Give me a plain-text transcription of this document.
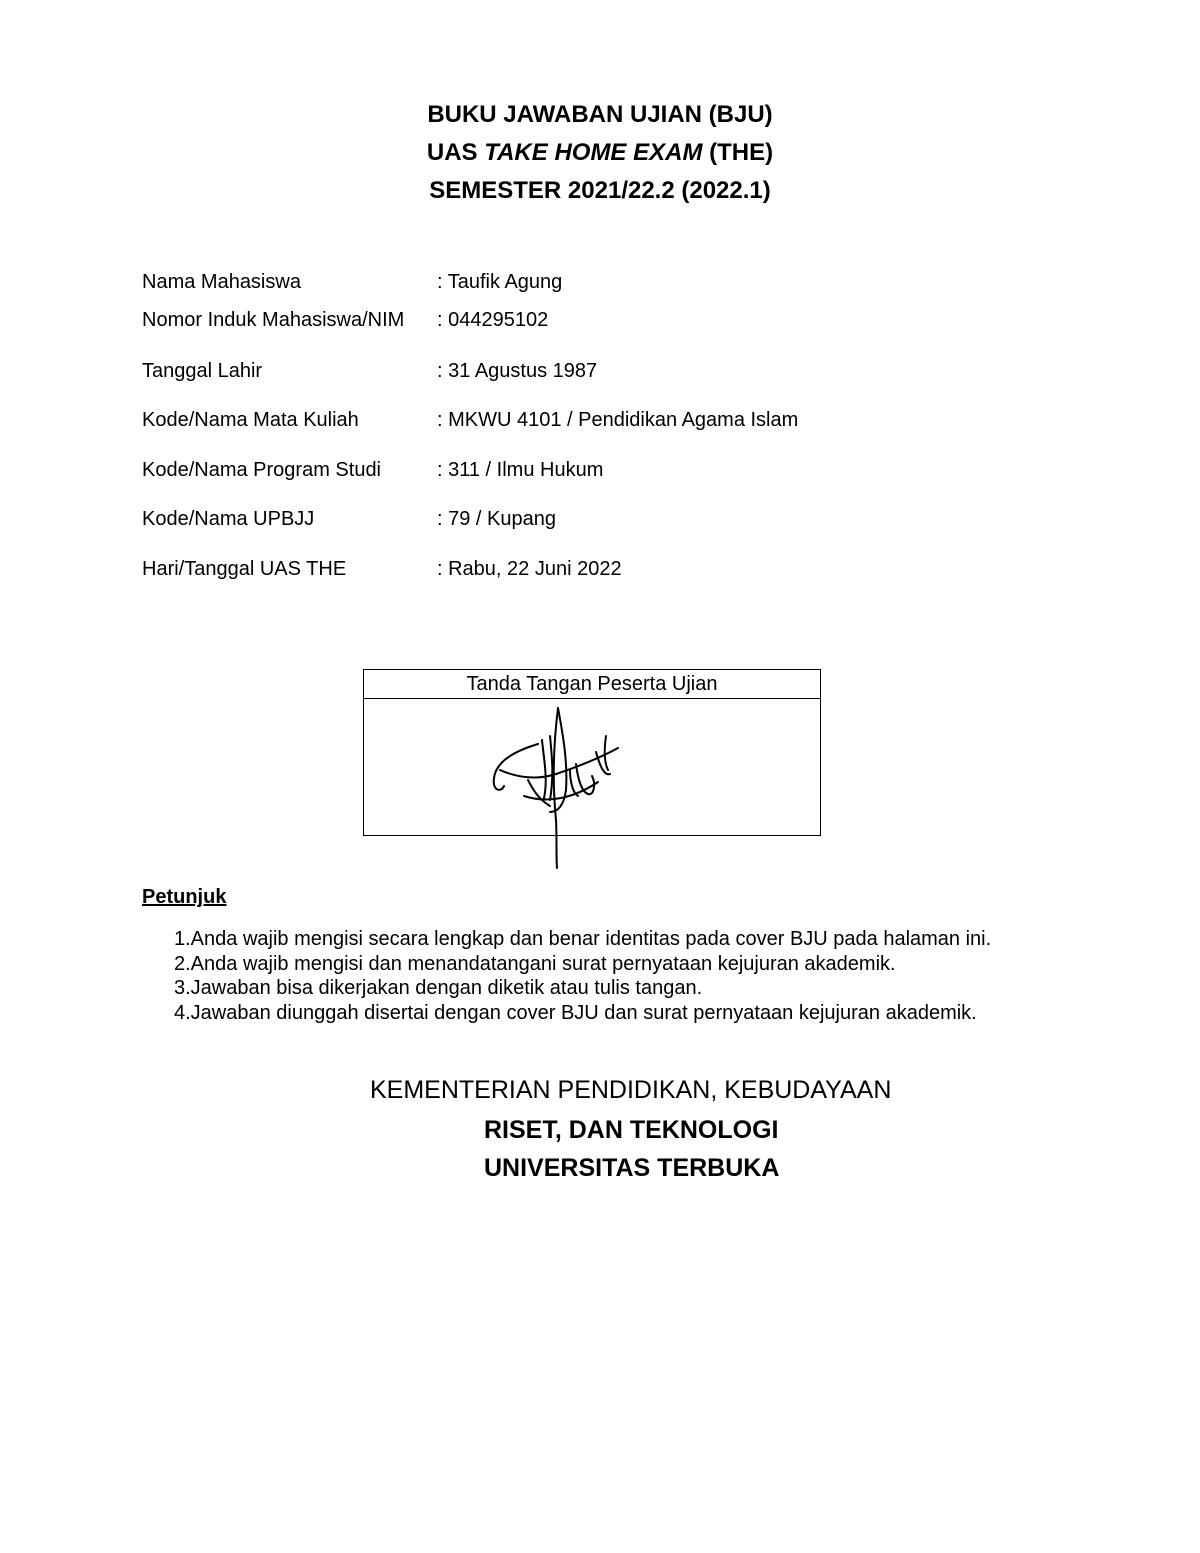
BUKU JAWABAN UJIAN (BJU)
UAS TAKE HOME EXAM (THE)
SEMESTER 2021/22.2 (2022.1)
Nama Mahasiswa	: Taufik Agung
Nomor Induk Mahasiswa/NIM : 044295102
Tanggal Lahir	: 31 Agustus 1987
Kode/Nama Mata Kuliah	: MKWU 4101 / Pendidikan Agama Islam
Kode/Nama Program Studi	: 311 / Ilmu Hukum
Kode/Nama UPBJJ	: 79 / Kupang
Hari/Tanggal UAS THE	: Rabu, 22 Juni 2022
Tanda Tangan Peserta Ujian
Petunjuk
1.Anda wajib mengisi secara lengkap dan benar identitas pada cover BJU pada halaman ini.
2.Anda wajib mengisi dan menandatangani surat pernyataan kejujuran akademik.
3.Jawaban bisa dikerjakan dengan diketik atau tulis tangan.
4.Jawaban diunggah disertai dengan cover BJU dan surat pernyataan kejujuran akademik.
KEMENTERIAN PENDIDIKAN, KEBUDAYAAN
RISET, DAN TEKNOLOGI
UNIVERSITAS TERBUKA
